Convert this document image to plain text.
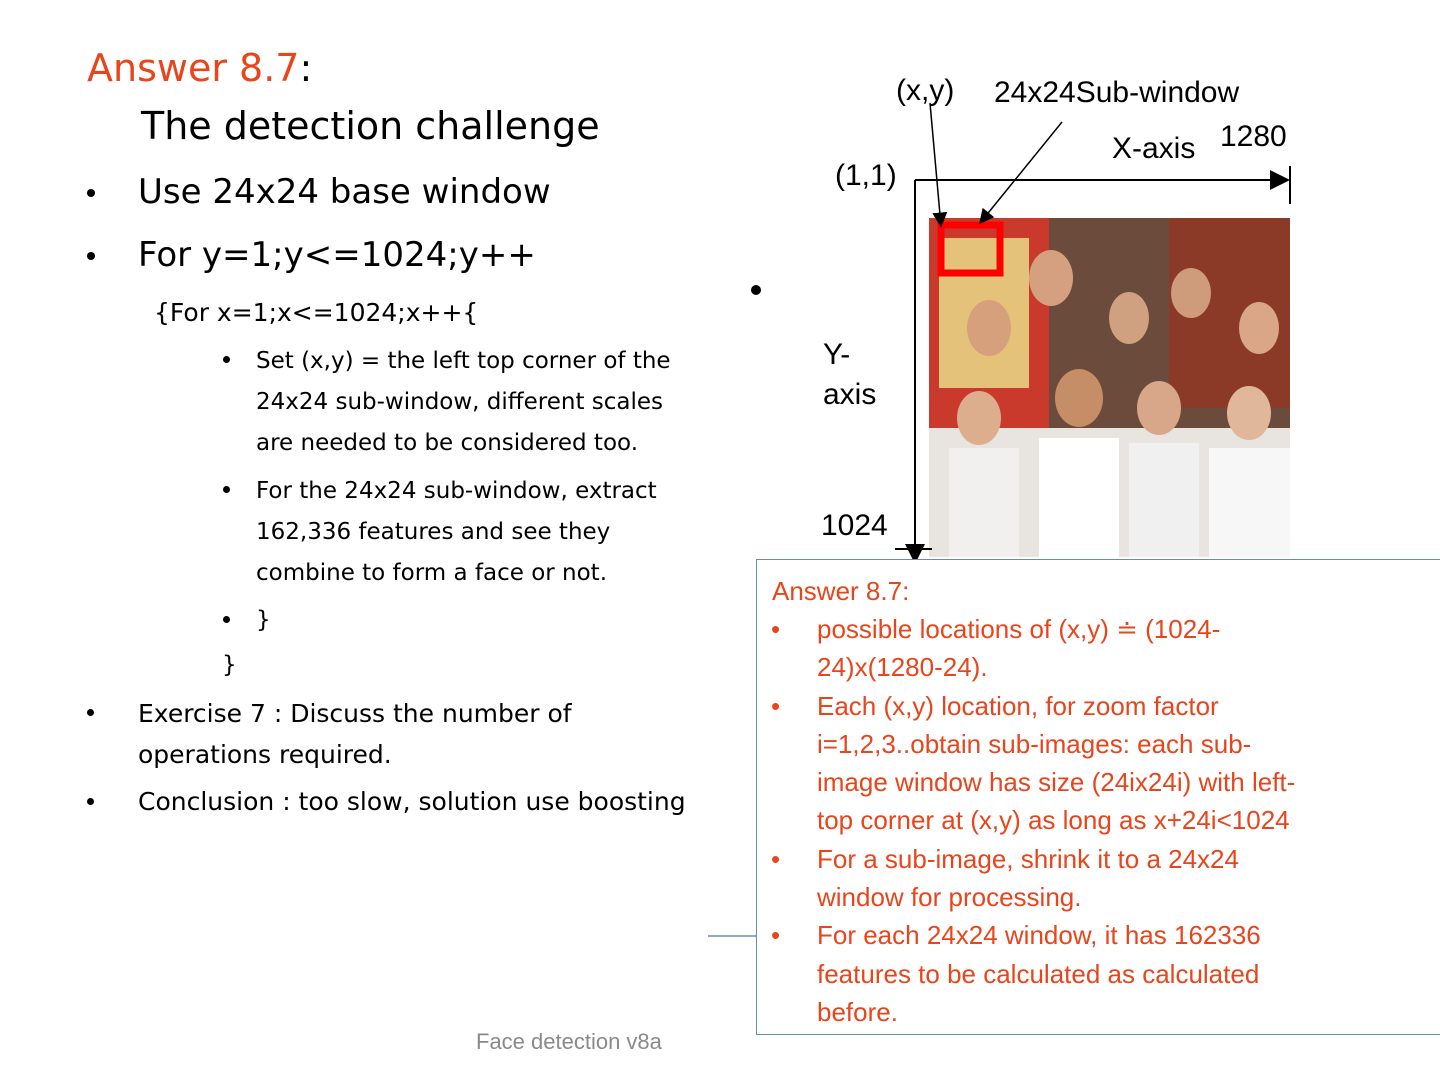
Answer 8.7:
The detection challenge
Use 24x24 base window
For y=1;y<=1024;y++
{For x=1;x<=1024;x++{
Set (x,y) = the left top corner of the
24x24 sub-window, different scales
are needed to be considered too.
For the 24x24 sub-window, extract
162,336 features and see they
combine to form a face or not.
}
}
Exercise 7 : Discuss the number of
operations required.
Conclusion : too slow, solution use boosting
(x,y) 24x24Sub-window
X-axis 1280
(1,1)
Y-
axis
1024
Answer 8.7:
• possible locations of (x,y) ≐ (1024-
24)x(1280-24).
• Each (x,y) location, for zoom factor
i=1,2,3..obtain sub-images: each sub-
image window has size (24ix24i) with left-
top corner at (x,y) as long as x+24i<1024
• For a sub-image, shrink it to a 24x24
window for processing.
• For each 24x24 window, it has 162336
features to be calculated as calculated
before.
Face detection v8a
